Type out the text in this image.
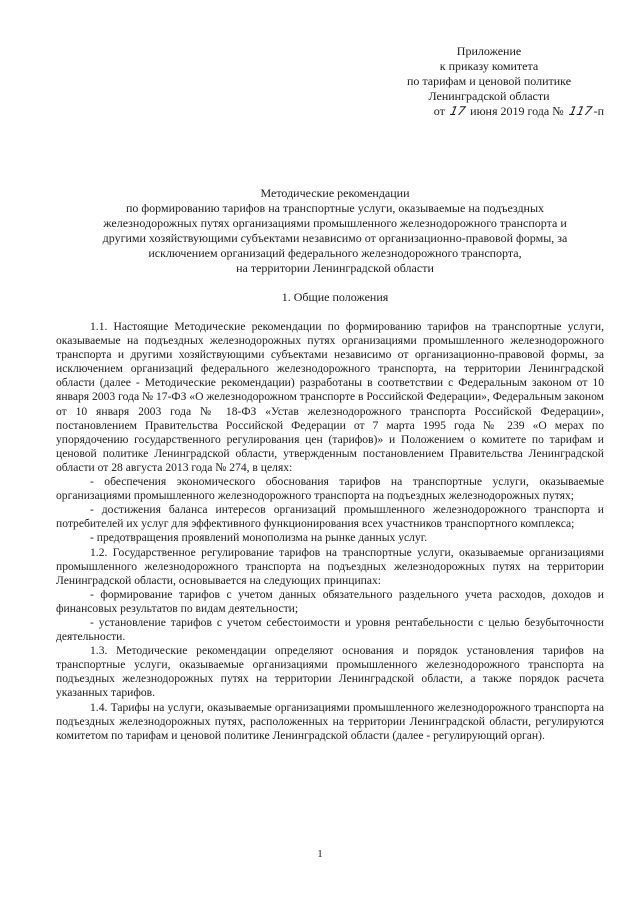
Приложение
к приказу комитета
по тарифам и ценовой политике
Ленинградской области
от 17 июня 2019 года № 117-п

Методические рекомендации

по формированию тарифов на транспортные услуги, оказываемые на подъездных

железнодорожных путях организациями промышленного железнодорожного транспорта и

другими хозяйствующими субъектами независимо от организационно-правовой формы, за

исключением организаций федерального железнодорожного транспорта,

на территории Ленинградской области

1. Общие положения

1.1. Настоящие Методические рекомендации по формированию тарифов на транспортные услуги, оказываемые на подъездных железнодорожных путях организациями промышленного железнодорожного транспорта и другими хозяйствующими субъектами независимо от организационно-правовой формы, за исключением организаций федерального железнодорожного транспорта, на территории Ленинградской области (далее - Методические рекомендации) разработаны в соответствии с Федеральным законом от 10 января 2003 года № 17-ФЗ «О железнодорожном транспорте в Российской Федерации», Федеральным законом от 10 января 2003 года № 18-ФЗ «Устав железнодорожного транспорта Российской Федерации», постановлением Правительства Российской Федерации от 7 марта 1995 года № 239 «О мерах по упорядочению государственного регулирования цен (тарифов)» и Положением о комитете по тарифам и ценовой политике Ленинградской области, утвержденным постановлением Правительства Ленинградской области от 28 августа 2013 года № 274, в целях:

- обеспечения экономического обоснования тарифов на транспортные услуги, оказываемые организациями промышленного железнодорожного транспорта на подъездных железнодорожных путях;

- достижения баланса интересов организаций промышленного железнодорожного транспорта и потребителей их услуг для эффективного функционирования всех участников транспортного комплекса;

- предотвращения проявлений монополизма на рынке данных услуг.

1.2. Государственное регулирование тарифов на транспортные услуги, оказываемые организациями промышленного железнодорожного транспорта на подъездных железнодорожных путях на территории Ленинградской области, основывается на следующих принципах:

- формирование тарифов с учетом данных обязательного раздельного учета расходов, доходов и финансовых результатов по видам деятельности;

- установление тарифов с учетом себестоимости и уровня рентабельности с целью безубыточности деятельности.

1.3. Методические рекомендации определяют основания и порядок установления тарифов на транспортные услуги, оказываемые организациями промышленного железнодорожного транспорта на подъездных железнодорожных путях на территории Ленинградской области, а также порядок расчета указанных тарифов.

1.4. Тарифы на услуги, оказываемые организациями промышленного железнодорожного транспорта на подъездных железнодорожных путях, расположенных на территории Ленинградской области, регулируются комитетом по тарифам и ценовой политике Ленинградской области (далее - регулирующий орган).

1
